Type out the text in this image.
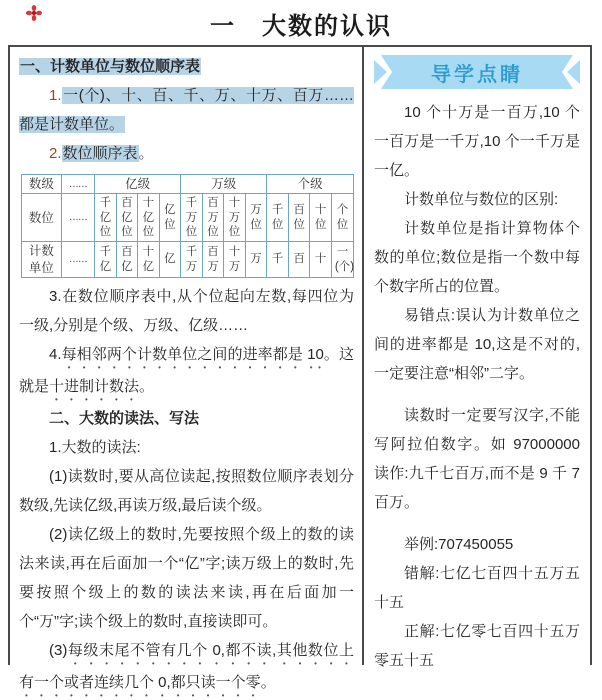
一　大数的认识

一、计数单位与数位顺序表

1.一(个)、十、百、千、万、十万、百万……都是计数单位。

2.数位顺序表。

数级	……	亿级				万级				个级			
数位	……	千亿位	百亿位	十亿位	亿位	千万位	百万位	十万位	万位	千位	百位	十位	个位
计数单位	……	千亿	百亿	十亿	亿	千万	百万	十万	万	千	百	十	一(个)

3.在数位顺序表中,从个位起向左数,每四位为一级,分别是个级、万级、亿级……

4.每相邻两个计数单位之间的进率都是 10。这就是十进制计数法。

二、大数的读法、写法

1.大数的读法:

(1)读数时,要从高位读起,按照数位顺序表划分数级,先读亿级,再读万级,最后读个级。

(2)读亿级上的数时,先要按照个级上的数的读法来读,再在后面加一个“亿”字;读万级上的数时,先要按照个级上的数的读法来读,再在后面加一个“万”字;读个级上的数时,直接读即可。

(3)每级末尾不管有几个 0,都不读,其他数位上有一个或者连续几个 0,都只读一个零。

导学点睛

10 个十万是一百万,10 个一百万是一千万,10 个一千万是一亿。

计数单位与数位的区别:

计数单位是指计算物体个数的单位;数位是指一个数中每个数字所占的位置。

易错点:误认为计数单位之间的进率都是 10,这是不对的,一定要注意“相邻”二字。

读数时一定要写汉字,不能写阿拉伯数字。如 97000000 读作:九千七百万,而不是 9 千 7 百万。

举例:707450055

错解:七亿七百四十五万五十五

正解:七亿零七百四十五万零五十五
